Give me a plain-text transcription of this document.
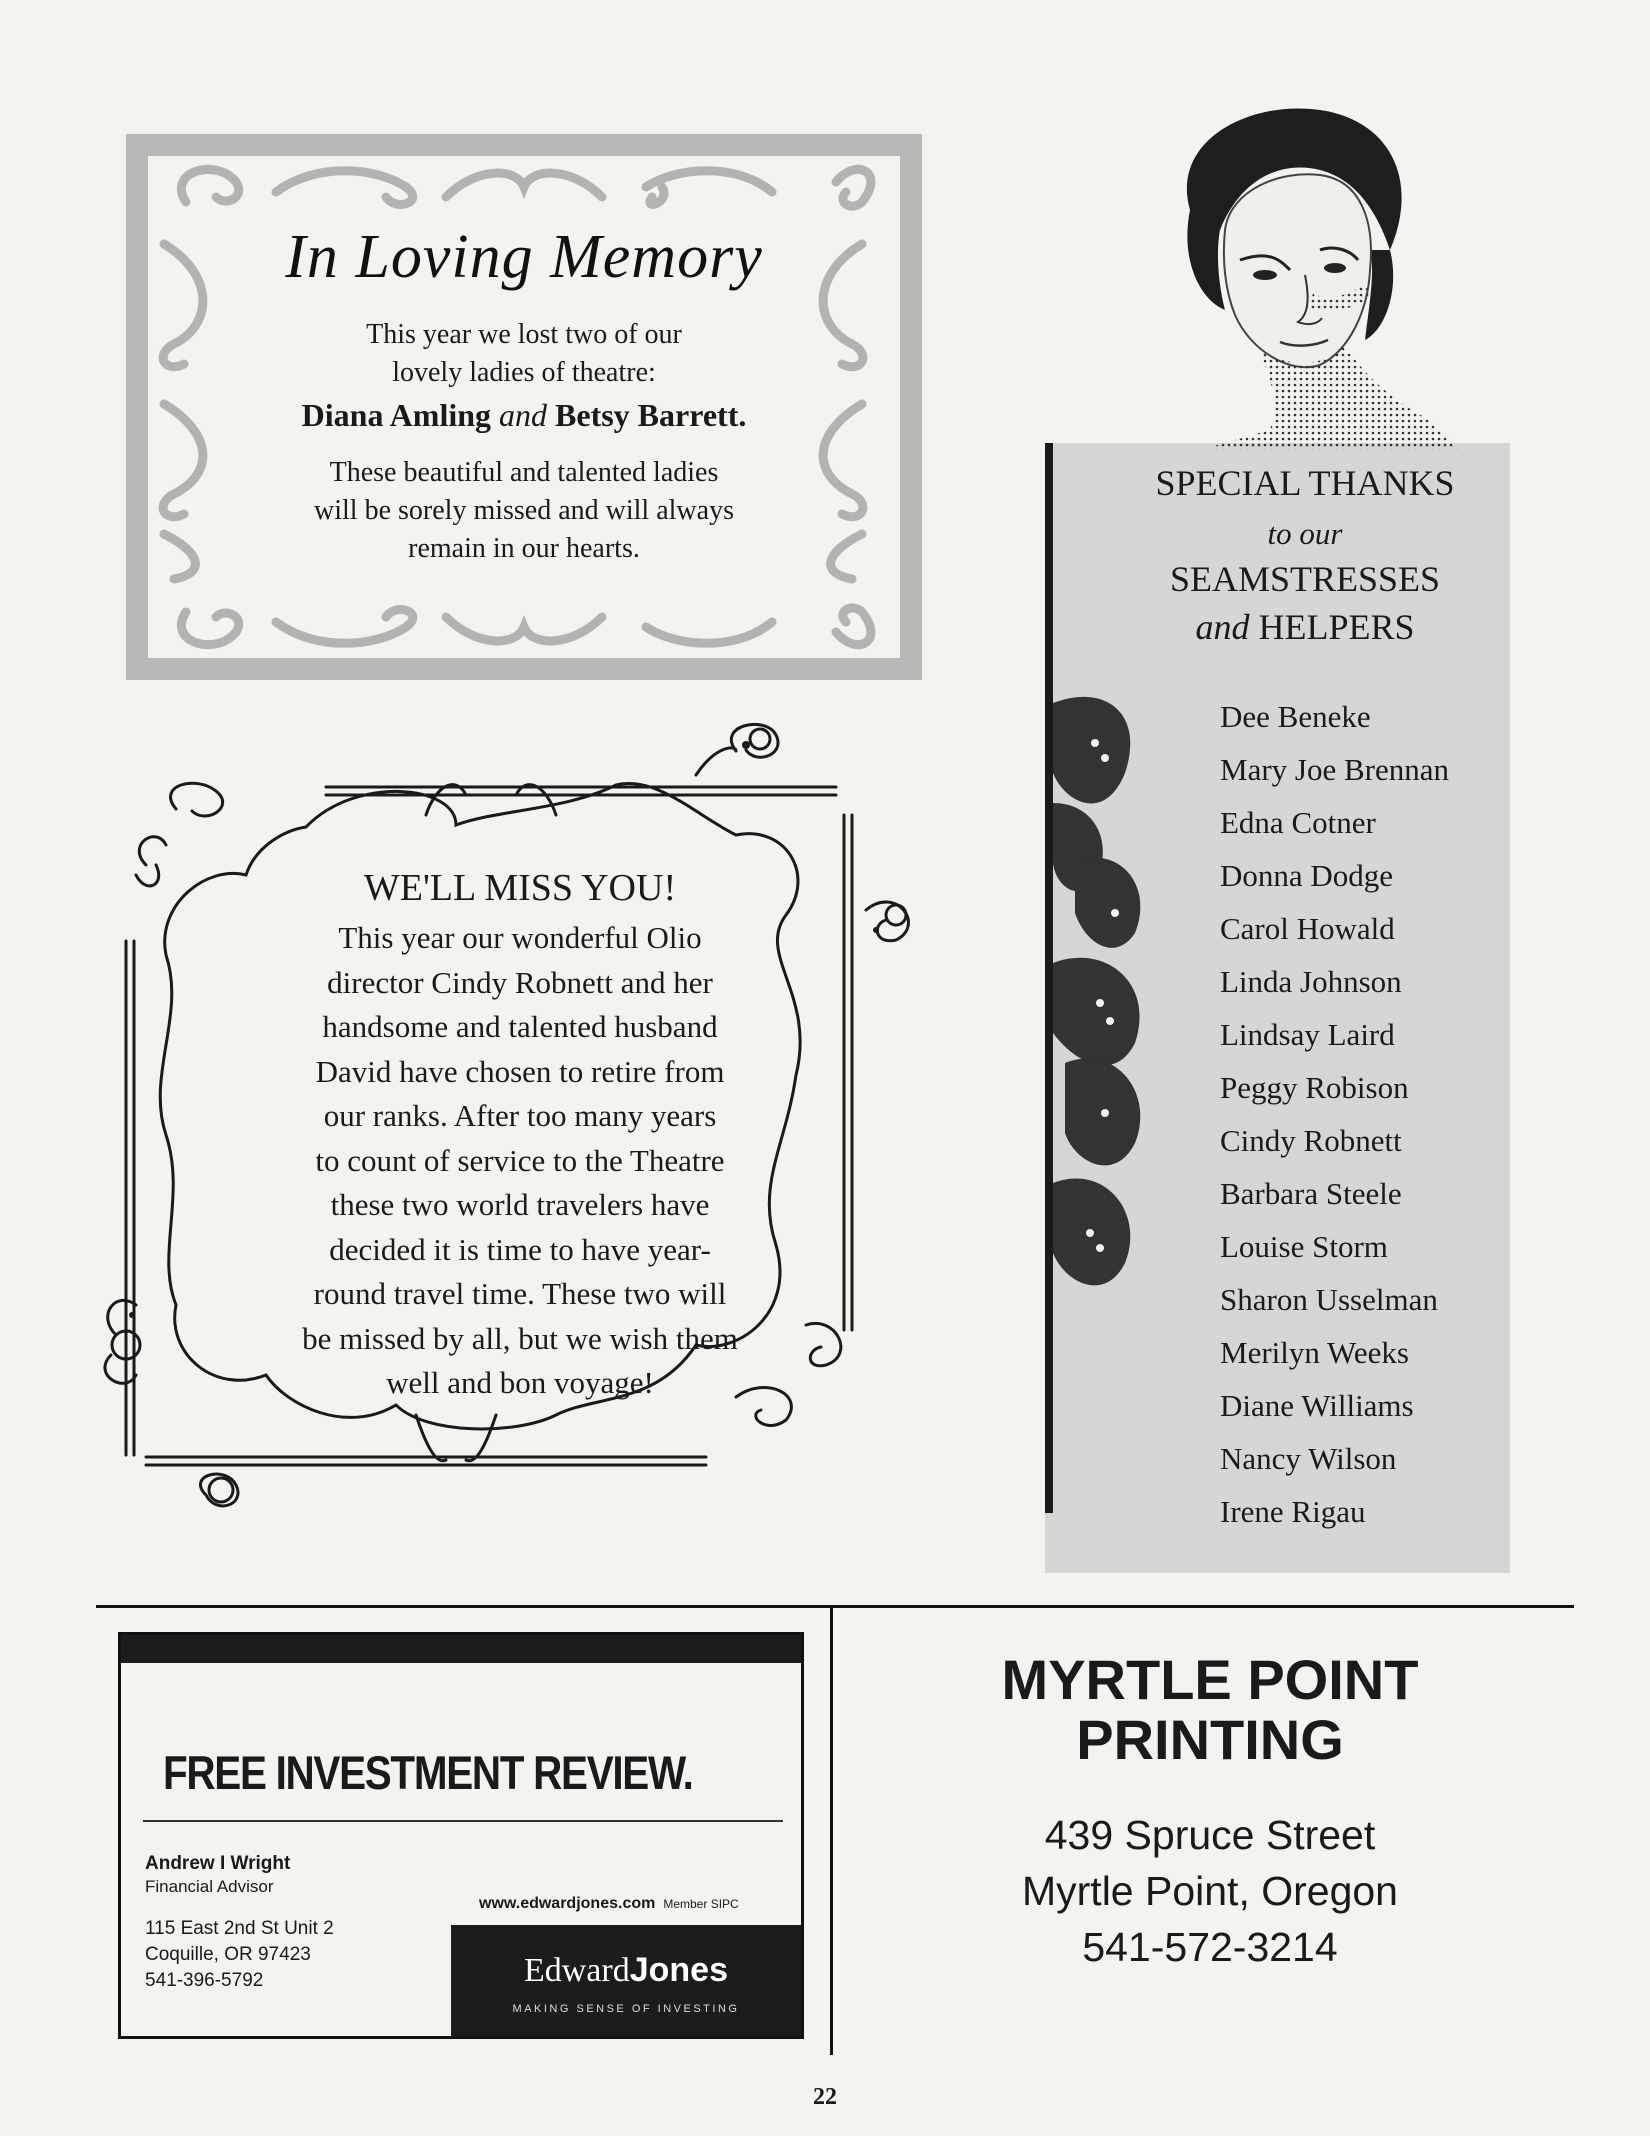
In Loving Memory
This year we lost two of our
lovely ladies of theatre:
Diana Amling and Betsy Barrett.
These beautiful and talented ladies
will be sorely missed and will always
remain in our hearts.
WE'LL MISS YOU!
This year our wonderful Olio
director Cindy Robnett and her
handsome and talented husband
David have chosen to retire from
our ranks. After too many years
to count of service to the Theatre
these two world travelers have
decided it is time to have year-
round travel time. These two will
be missed by all, but we wish them
well and bon voyage!
SPECIAL THANKS
to our
SEAMSTRESSES
and HELPERS
Dee Beneke
Mary Joe Brennan
Edna Cotner
Donna Dodge
Carol Howald
Linda Johnson
Lindsay Laird
Peggy Robison
Cindy Robnett
Barbara Steele
Louise Storm
Sharon Usselman
Merilyn Weeks
Diane Williams
Nancy Wilson
Irene Rigau
FREE INVESTMENT REVIEW.
Andrew I Wright
Financial Advisor
115 East 2nd St Unit 2
Coquille, OR 97423
541-396-5792
www.edwardjones.com Member SIPC
EdwardJones
MAKING SENSE OF INVESTING
MYRTLE POINT
PRINTING
439 Spruce Street
Myrtle Point, Oregon
541-572-3214
22
